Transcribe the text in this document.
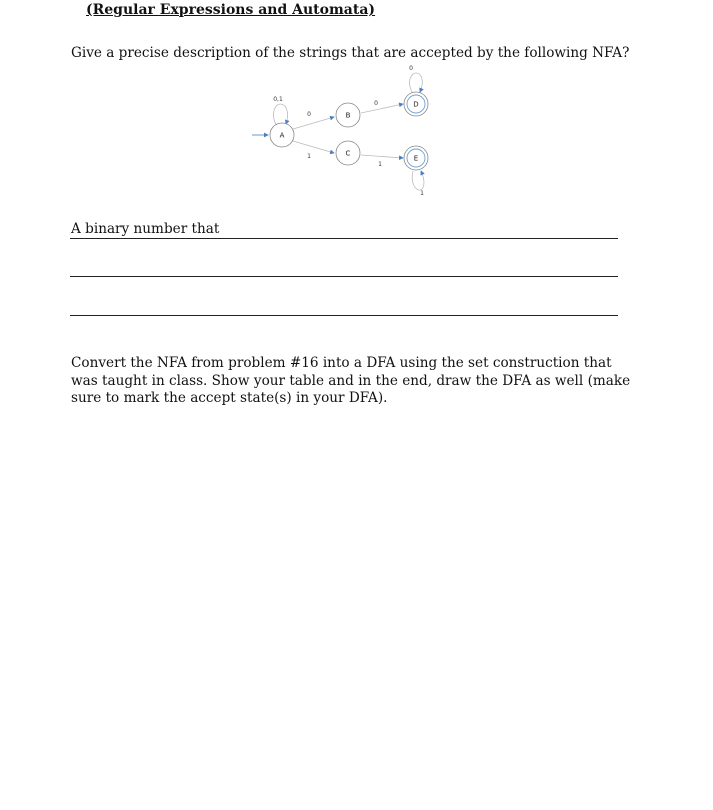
(Regular Expressions and Automata)
Give a precise description of the strings that are accepted by the following NFA?
0,1
0
1
0
1
0
1
A
B
C
D
E
A binary number that
Convert the NFA from problem #16 into a DFA using the set construction that was taught in class. Show your table and in the end, draw the DFA as well (make sure to mark the accept state(s) in your DFA).
